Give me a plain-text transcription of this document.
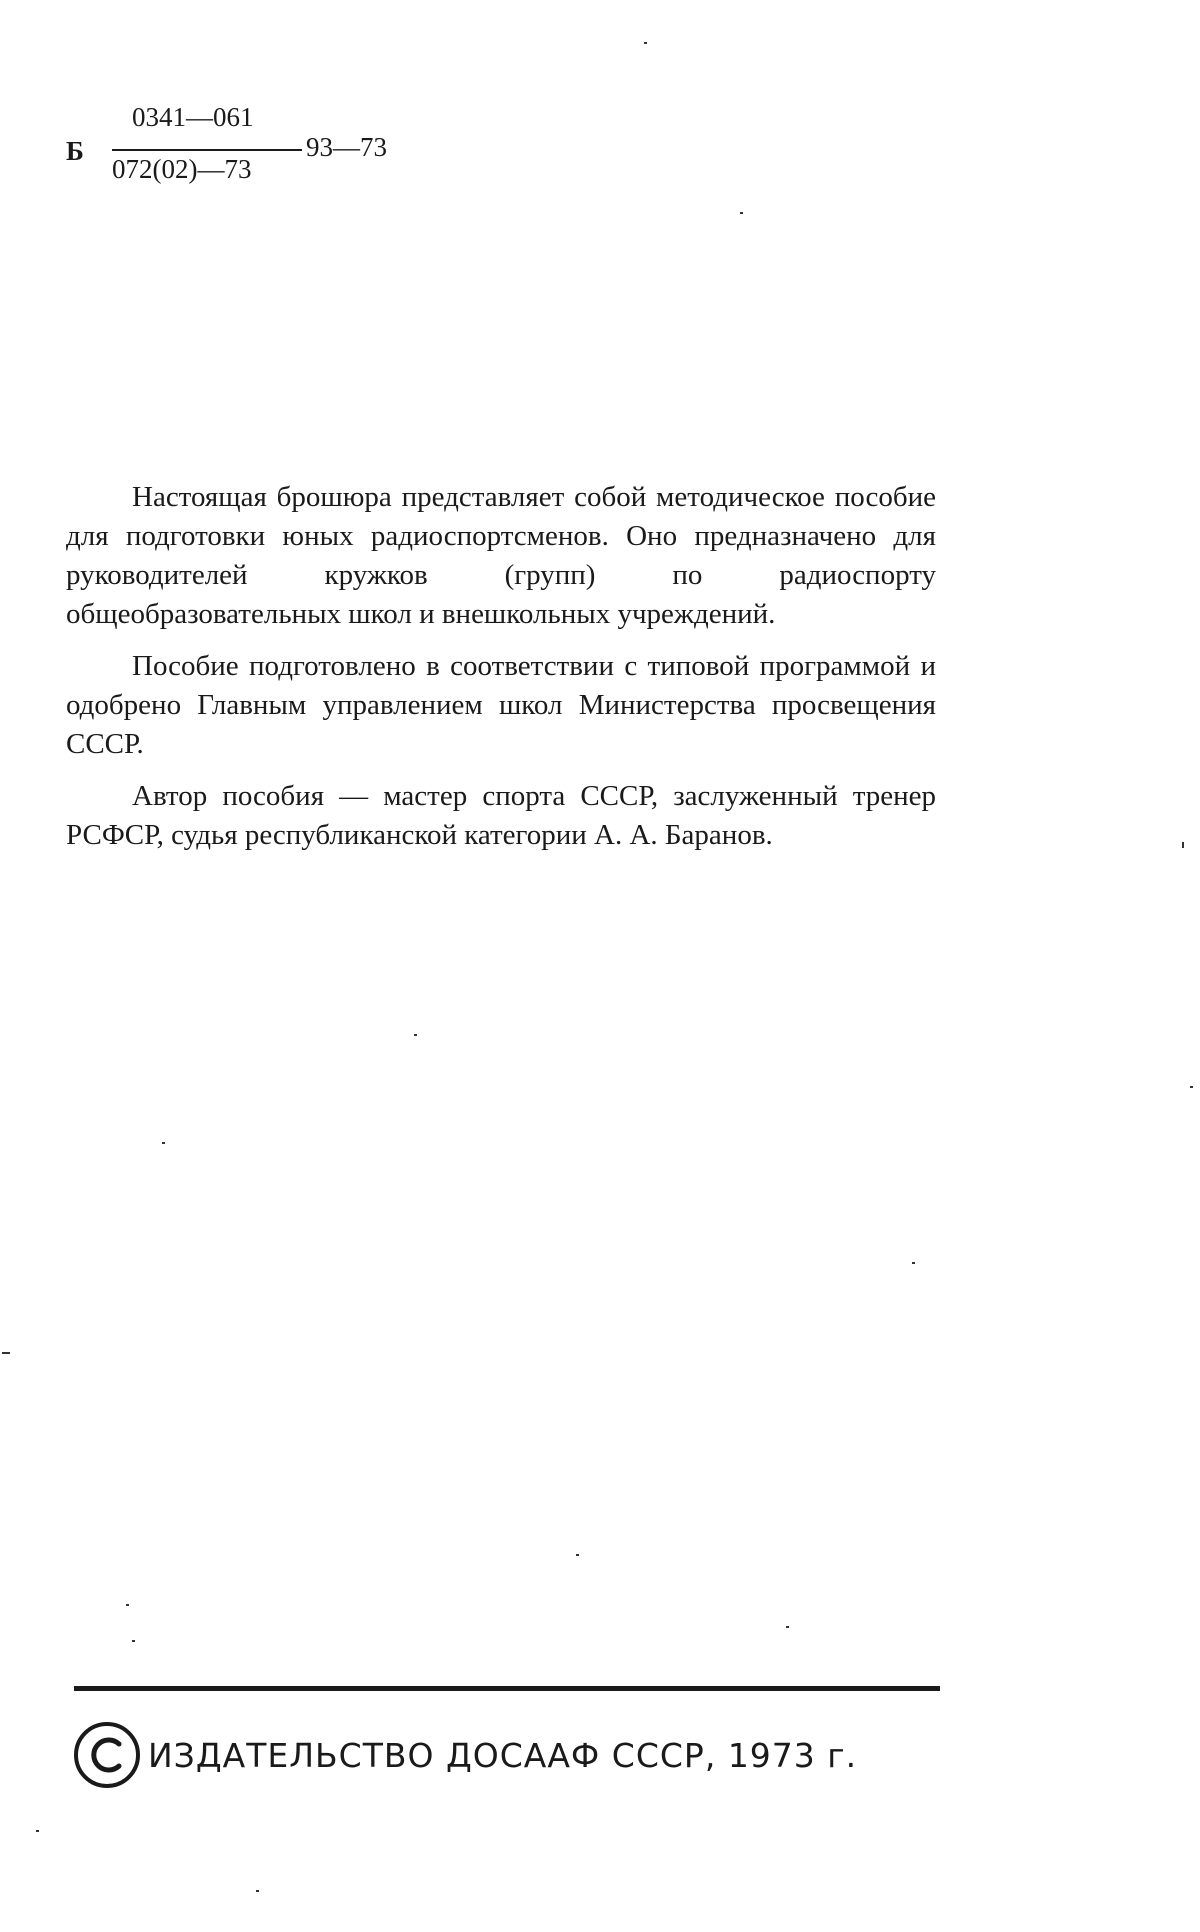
Б
0341—061
072(02)—73
93—73

Настоящая брошюра представляет собой методическое пособие для подготовки юных радиоспортсменов. Оно предназначено для руководителей кружков (групп) по радиоспорту общеобразовательных школ и внешкольных учреждений.

Пособие подготовлено в соответствии с типовой программой и одобрено Главным управлением школ Министерства просвещения СССР.

Автор пособия — мастер спорта СССР, заслуженный тренер РСФСР, судья республиканской категории А. А. Баранов.

ИЗДАТЕЛЬСТВО ДОСААФ СССР, 1973 г.
